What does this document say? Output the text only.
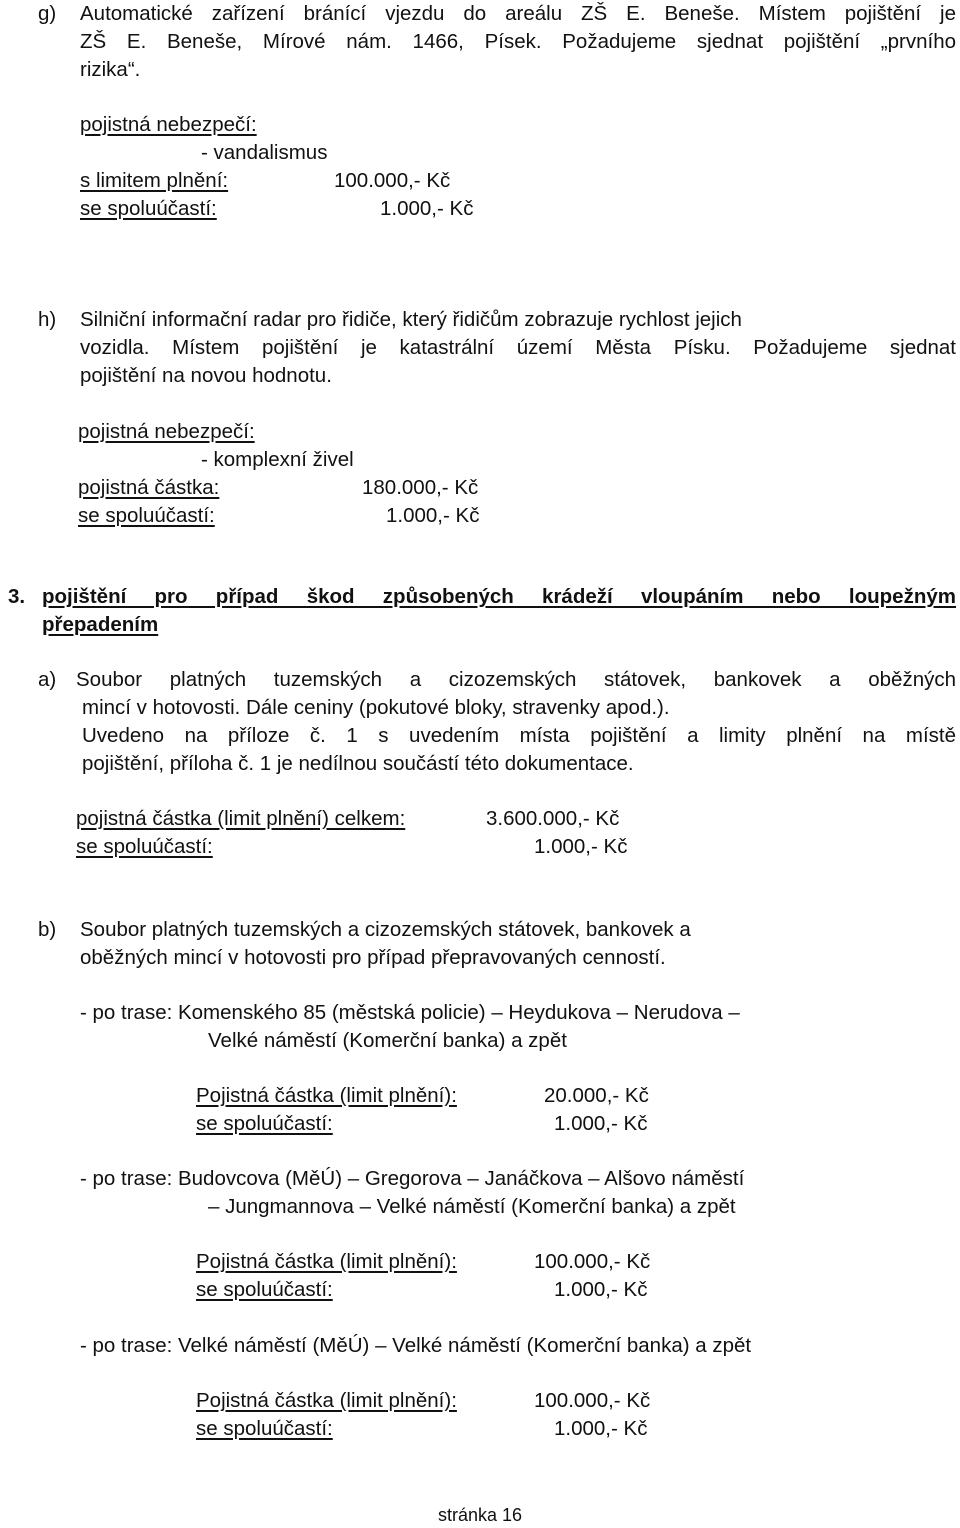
g) Automatické zařízení bránící vjezdu do areálu ZŠ E. Beneše. Místem pojištění je
ZŠ E. Beneše, Mírové nám. 1466, Písek. Požadujeme sjednat pojištění „prvního
rizika“.
pojistná nebezpečí:
- vandalismus
s limitem plnění:	100.000,- Kč
se spoluúčastí:	1.000,- Kč
h) Silniční informační radar pro řidiče, který řidičům zobrazuje rychlost jejich
vozidla. Místem pojištění je katastrální území Města Písku. Požadujeme sjednat
pojištění na novou hodnotu.
pojistná nebezpečí:
- komplexní živel
pojistná částka:	180.000,- Kč
se spoluúčastí:	1.000,- Kč
3. pojištění pro případ škod způsobených krádeží vloupáním nebo loupežným
přepadením
a) Soubor platných tuzemských a cizozemských státovek, bankovek a oběžných
mincí v hotovosti. Dále ceniny (pokutové bloky, stravenky apod.).
Uvedeno na příloze č. 1 s uvedením místa pojištění a limity plnění na místě
pojištění, příloha č. 1 je nedílnou součástí této dokumentace.
pojistná částka (limit plnění) celkem:	3.600.000,- Kč
se spoluúčastí:	1.000,- Kč
b) Soubor platných tuzemských a cizozemských státovek, bankovek a
oběžných mincí v hotovosti pro případ přepravovaných cenností.
- po trase: Komenského 85 (městská policie) – Heydukova – Nerudova –
Velké náměstí (Komerční banka) a zpět
Pojistná částka (limit plnění):	20.000,- Kč
se spoluúčastí:	1.000,- Kč
- po trase: Budovcova (MěÚ) – Gregorova – Janáčkova – Alšovo náměstí
– Jungmannova – Velké náměstí (Komerční banka) a zpět
Pojistná částka (limit plnění):	100.000,- Kč
se spoluúčastí:	1.000,- Kč
- po trase: Velké náměstí (MěÚ) – Velké náměstí (Komerční banka) a zpět
Pojistná částka (limit plnění):	100.000,- Kč
se spoluúčastí:	1.000,- Kč
stránka 16
